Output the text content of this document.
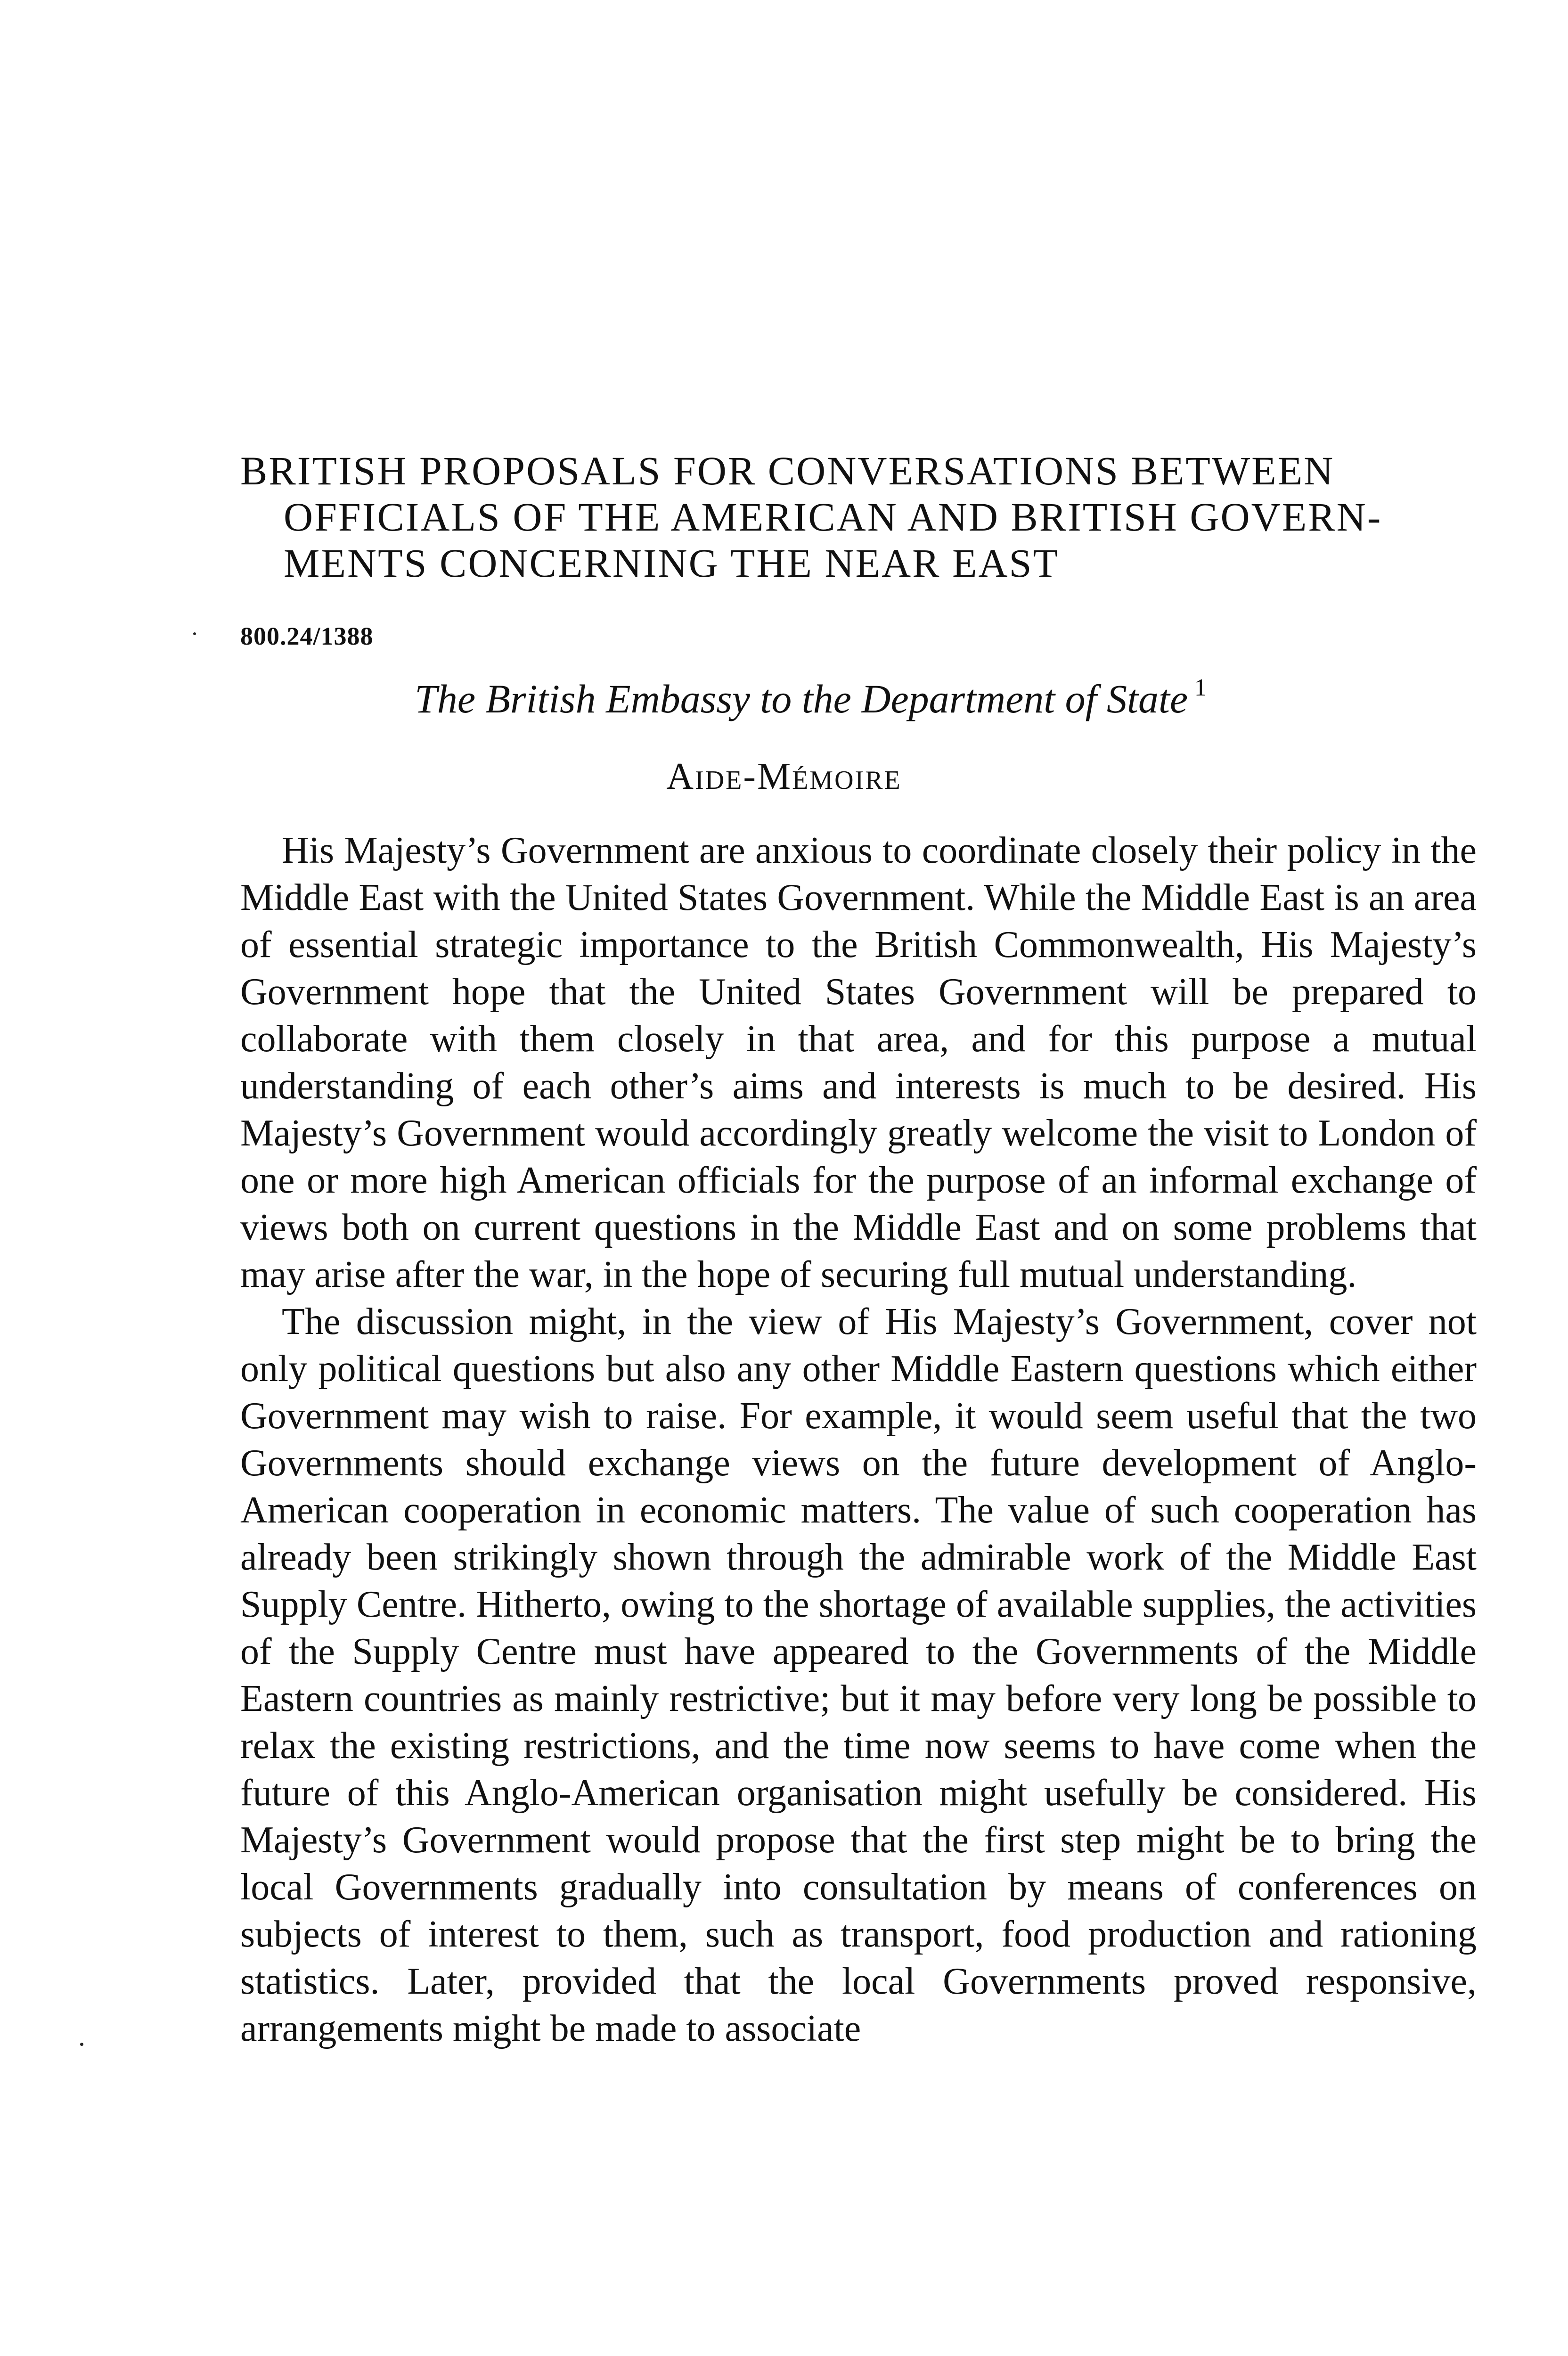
BRITISH PROPOSALS FOR CONVERSATIONS BETWEEN
OFFICIALS OF THE AMERICAN AND BRITISH GOVERN-
MENTS CONCERNING THE NEAR EAST
800.24/1388
The British Embassy to the Department of State $^1$
Aide-Mémoire

His Majesty’s Government are anxious to coordinate closely their policy in the Middle East with the United States Government. While the Middle East is an area of essential strategic importance to the British Commonwealth, His Majesty’s Government hope that the United States Government will be prepared to collaborate with them closely in that area, and for this purpose a mutual understanding of each other’s aims and interests is much to be desired. His Majesty’s Government would accordingly greatly welcome the visit to London of one or more high American officials for the purpose of an informal exchange of views both on current questions in the Middle East and on some problems that may arise after the war, in the hope of securing full mutual understanding.

The discussion might, in the view of His Majesty’s Government, cover not only political questions but also any other Middle Eastern questions which either Government may wish to raise. For example, it would seem useful that the two Governments should exchange views on the future development of Anglo-American cooperation in economic matters. The value of such cooperation has already been strikingly shown through the admirable work of the Middle East Supply Centre. Hitherto, owing to the shortage of available supplies, the activities of the Supply Centre must have appeared to the Governments of the Middle Eastern countries as mainly restrictive; but it may before very long be possible to relax the existing restrictions, and the time now seems to have come when the future of this Anglo-American organisation might usefully be considered. His Majesty’s Government would propose that the first step might be to bring the local Governments gradually into consultation by means of conferences on subjects of interest to them, such as transport, food production and rationing statistics. Later, provided that the local Governments proved responsive, arrangements might be made to associate
